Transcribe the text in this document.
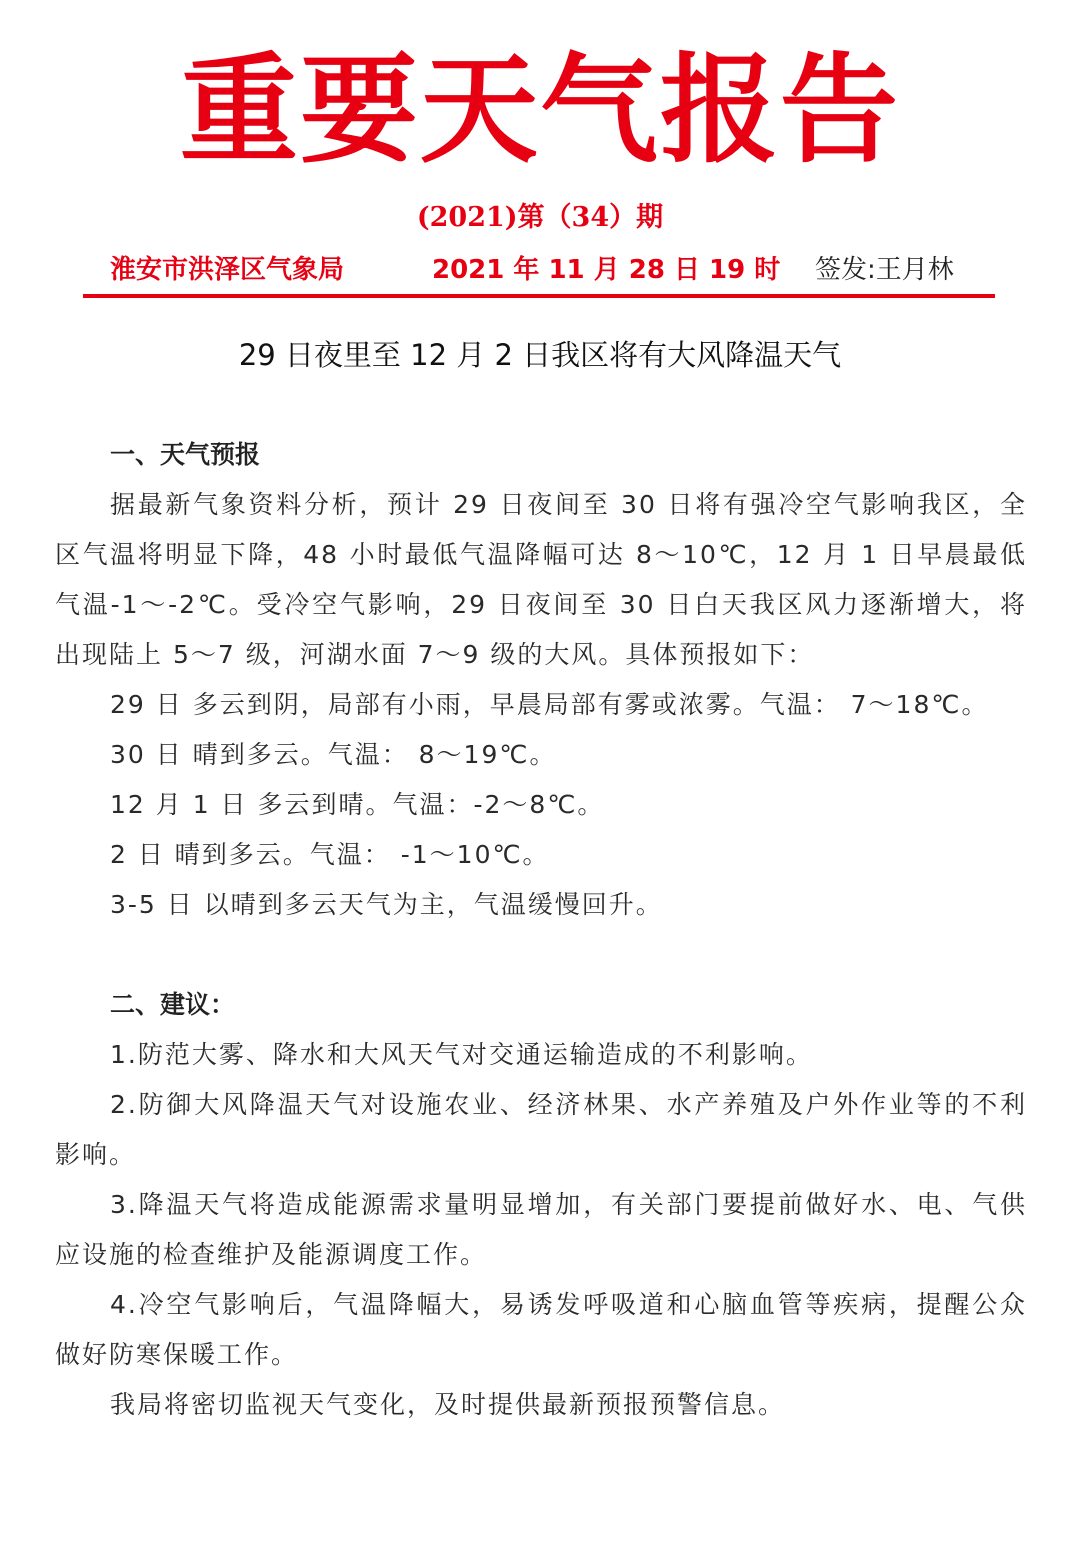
重要天气报告
(2021)第（34）期
淮安市洪泽区气象局	2021 年 11 月 28 日 19 时 签发:王月林
29 日夜里至 12 月 2 日我区将有大风降温天气
一、天气预报

据最新气象资料分析，预计 29 日夜间至 30 日将有强冷空气影响我区，全区气温将明显下降，48 小时最低气温降幅可达 8～10℃，12 月 1 日早晨最低气温-1～-2℃。受冷空气影响，29 日夜间至 30 日白天我区风力逐渐增大，将出现陆上 5～7 级，河湖水面 7～9 级的大风。具体预报如下：

29 日 多云到阴，局部有小雨，早晨局部有雾或浓雾。气温： 7～18℃。
30 日 晴到多云。气温： 8～19℃。
12 月 1 日 多云到晴。气温：-2～8℃。
2 日 晴到多云。气温： -1～10℃。
3-5 日 以晴到多云天气为主，气温缓慢回升。
二、建议：

1.防范大雾、降水和大风天气对交通运输造成的不利影响。

2.防御大风降温天气对设施农业、经济林果、水产养殖及户外作业等的不利影响。

3.降温天气将造成能源需求量明显增加，有关部门要提前做好水、电、气供应设施的检查维护及能源调度工作。

4.冷空气影响后，气温降幅大，易诱发呼吸道和心脑血管等疾病，提醒公众做好防寒保暖工作。

我局将密切监视天气变化，及时提供最新预报预警信息。
